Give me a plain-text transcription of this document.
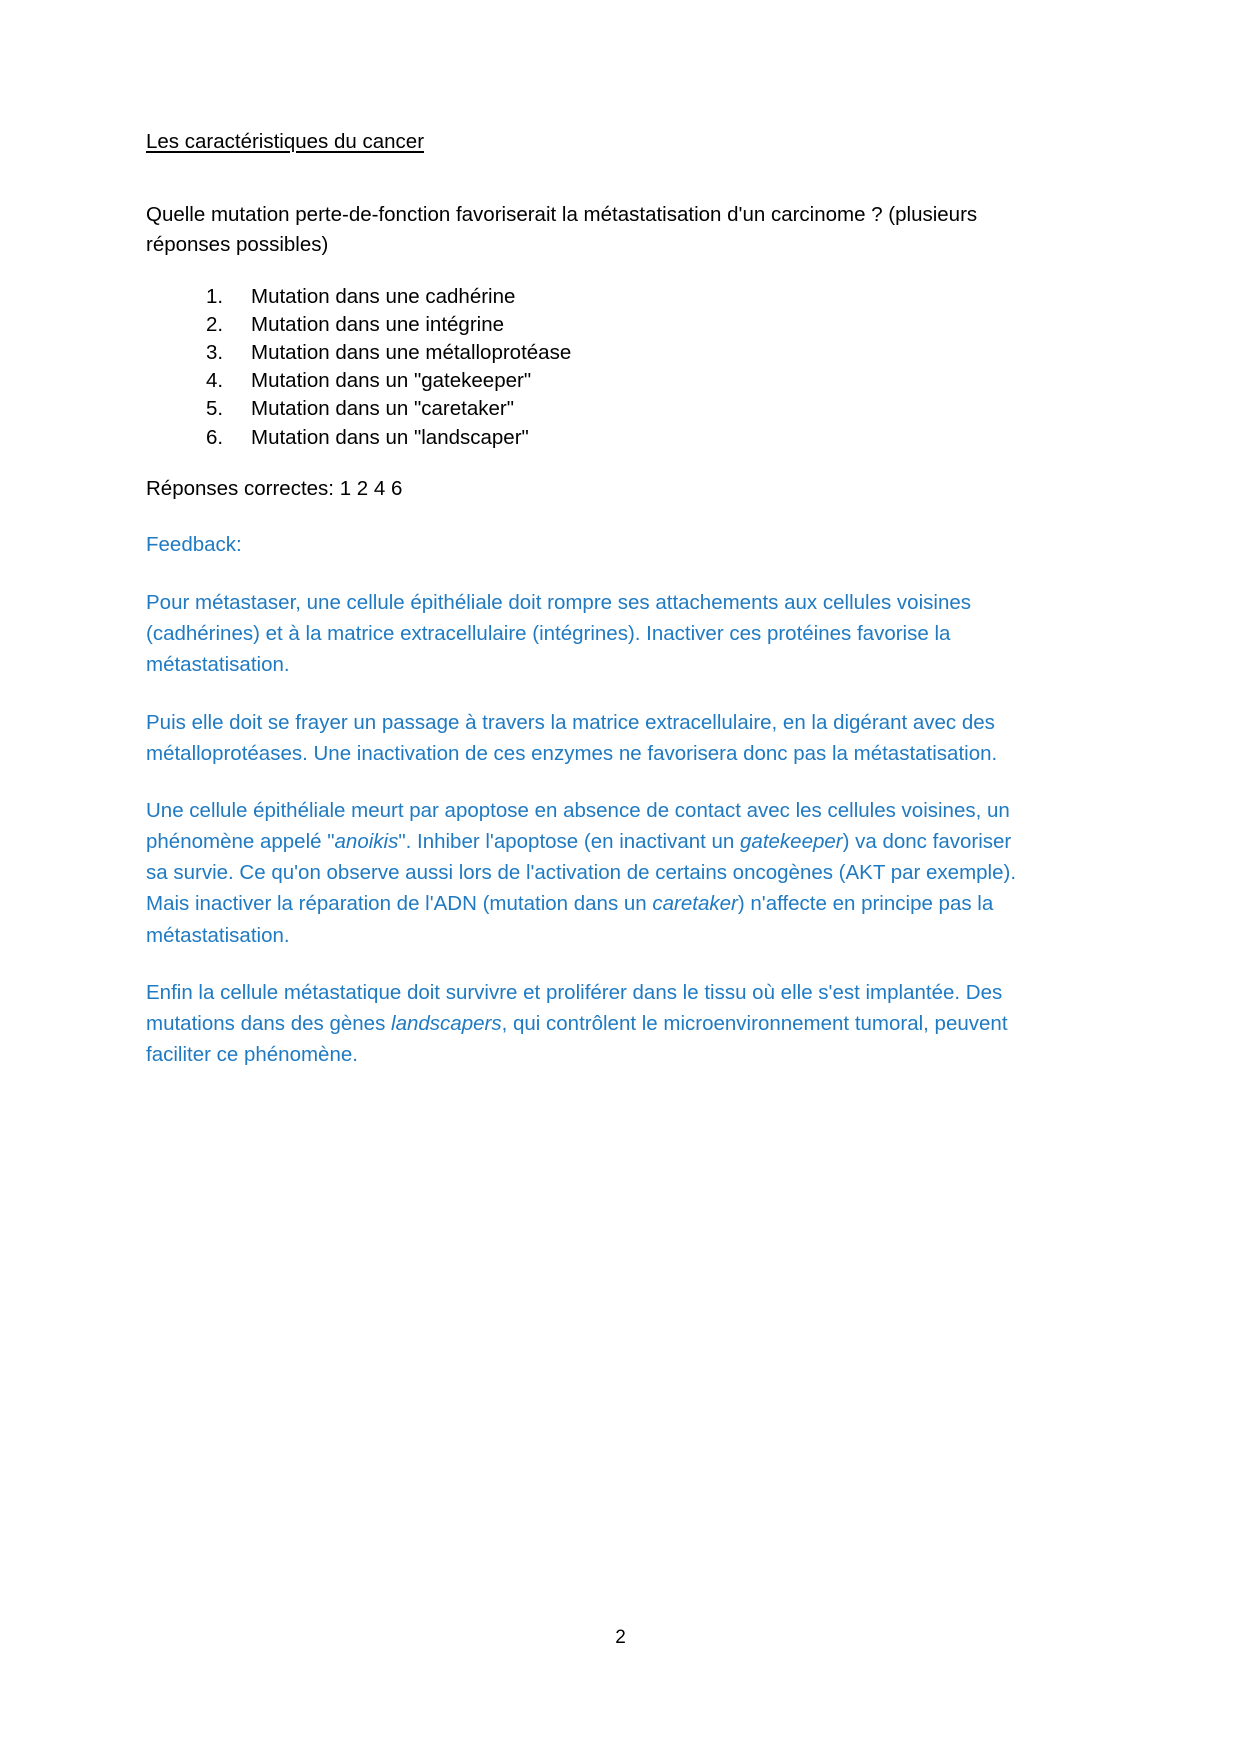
Les caractéristiques du cancer

Quelle mutation perte-de-fonction favoriserait la métastatisation d'un carcinome ? (plusieurs réponses possibles)

Mutation dans une cadhérine
Mutation dans une intégrine
Mutation dans une métalloprotéase
Mutation dans un "gatekeeper"
Mutation dans un "caretaker"
Mutation dans un "landscaper"

Réponses correctes: 1 2 4 6

Feedback:

Pour métastaser, une cellule épithéliale doit rompre ses attachements aux cellules voisines (cadhérines) et à la matrice extracellulaire (intégrines). Inactiver ces protéines favorise la métastatisation.

Puis elle doit se frayer un passage à travers la matrice extracellulaire, en la digérant avec des métalloprotéases. Une inactivation de ces enzymes ne favorisera donc pas la métastatisation.

Une cellule épithéliale meurt par apoptose en absence de contact avec les cellules voisines, un phénomène appelé "anoikis". Inhiber l'apoptose (en inactivant un gatekeeper) va donc favoriser sa survie. Ce qu'on observe aussi lors de l'activation de certains oncogènes (AKT par exemple). Mais inactiver la réparation de l'ADN (mutation dans un caretaker) n'affecte en principe pas la métastatisation.

Enfin la cellule métastatique doit survivre et proliférer dans le tissu où elle s'est implantée. Des mutations dans des gènes landscapers, qui contrôlent le microenvironnement tumoral, peuvent faciliter ce phénomène.

2
